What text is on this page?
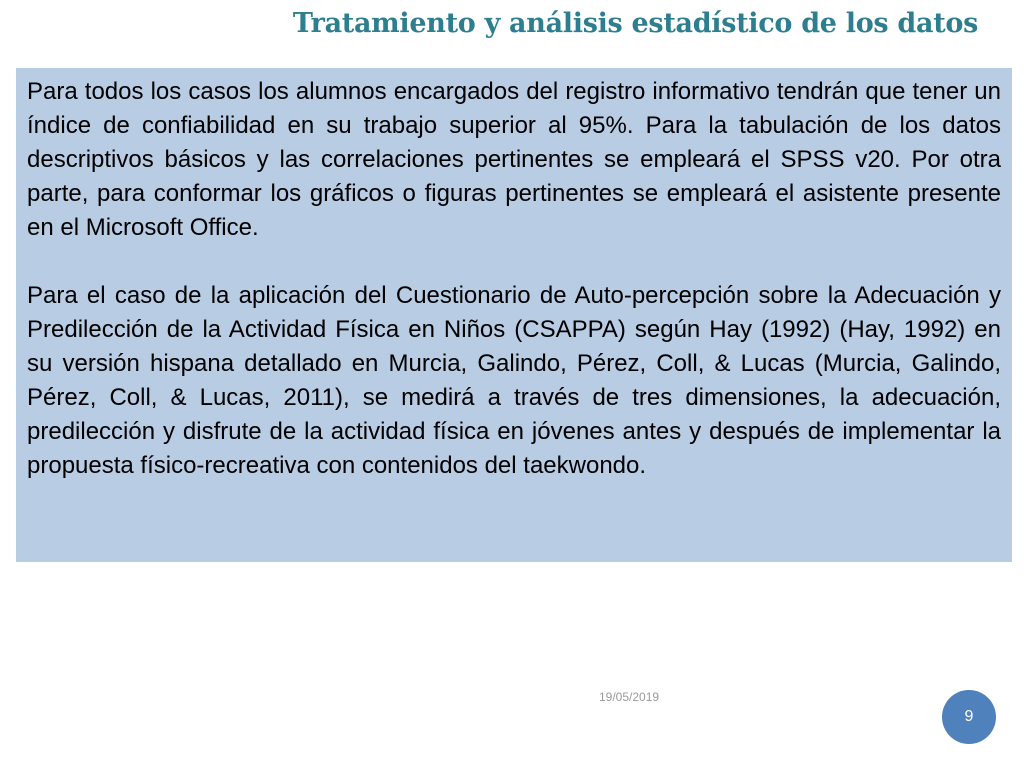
Tratamiento y análisis estadístico de los datos

Para todos los casos los alumnos encargados del registro informativo tendrán que tener un índice de confiabilidad en su trabajo superior al 95%. Para la tabulación de los datos descriptivos básicos y las correlaciones pertinentes se empleará el SPSS v20. Por otra parte, para conformar los gráficos o figuras pertinentes se empleará el asistente presente en el Microsoft Office.

Para el caso de la aplicación del Cuestionario de Auto-percepción sobre la Adecuación y Predilección de la Actividad Física en Niños (CSAPPA) según Hay (1992) (Hay, 1992) en su versión hispana detallado en Murcia, Galindo, Pérez, Coll, & Lucas (Murcia, Galindo, Pérez, Coll, & Lucas, 2011), se medirá a través de tres dimensiones, la adecuación, predilección y disfrute de la actividad física en jóvenes antes y después de implementar la propuesta físico-recreativa con contenidos del taekwondo.

19/05/2019
9
